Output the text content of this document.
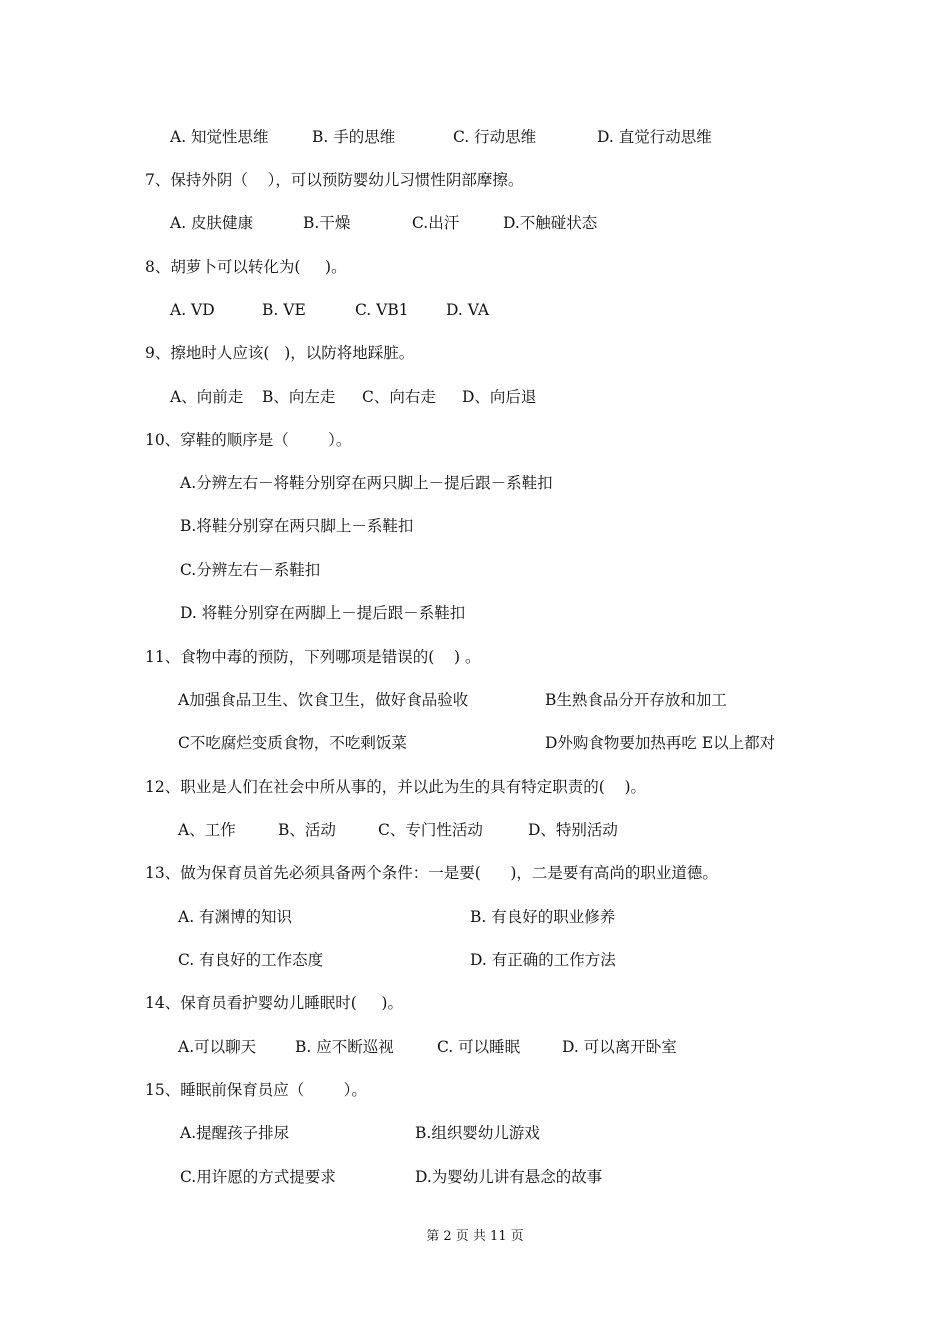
A. 知觉性思维	B. 手的思维	C. 行动思维	D. 直觉行动思维
7、保持外阴（    ），可以预防婴幼儿习惯性阴部摩擦。
A. 皮肤健康	B.干燥	C.出汗	D.不触碰状态
8、胡萝卜可以转化为(     )。
A. VD	B. VE	C. VB1 D. VA
9、擦地时人应该(   )，以防将地踩脏。
A、向前走 B、向左走 C、向右走 D、向后退
10、穿鞋的顺序是（        ）。
A.分辨左右－将鞋分别穿在两只脚上－提后跟－系鞋扣
B.将鞋分别穿在两只脚上－系鞋扣
C.分辨左右－系鞋扣
D. 将鞋分别穿在两脚上－提后跟－系鞋扣
11、食物中毒的预防，下列哪项是错误的(    ) 。
A加强食品卫生、饮食卫生，做好食品验收	B生熟食品分开存放和加工
C不吃腐烂变质食物，不吃剩饭菜	D外购食物要加热再吃 E以上都对
12、职业是人们在社会中所从事的，并以此为生的具有特定职责的(    )。
A、工作	B、活动	C、专门性活动	D、特别活动
13、做为保育员首先必须具备两个条件：一是要(      )，二是要有高尚的职业道德。
A. 有渊博的知识	B. 有良好的职业修养
C. 有良好的工作态度	D. 有正确的工作方法
14、保育员看护婴幼儿睡眠时(     )。
A.可以聊天	B. 应不断巡视	C. 可以睡眠	D. 可以离开卧室
15、睡眠前保育员应（        ）。
A.提醒孩子排尿	B.组织婴幼儿游戏
C.用许愿的方式提要求	D.为婴幼儿讲有悬念的故事
第 2 页 共 11 页
